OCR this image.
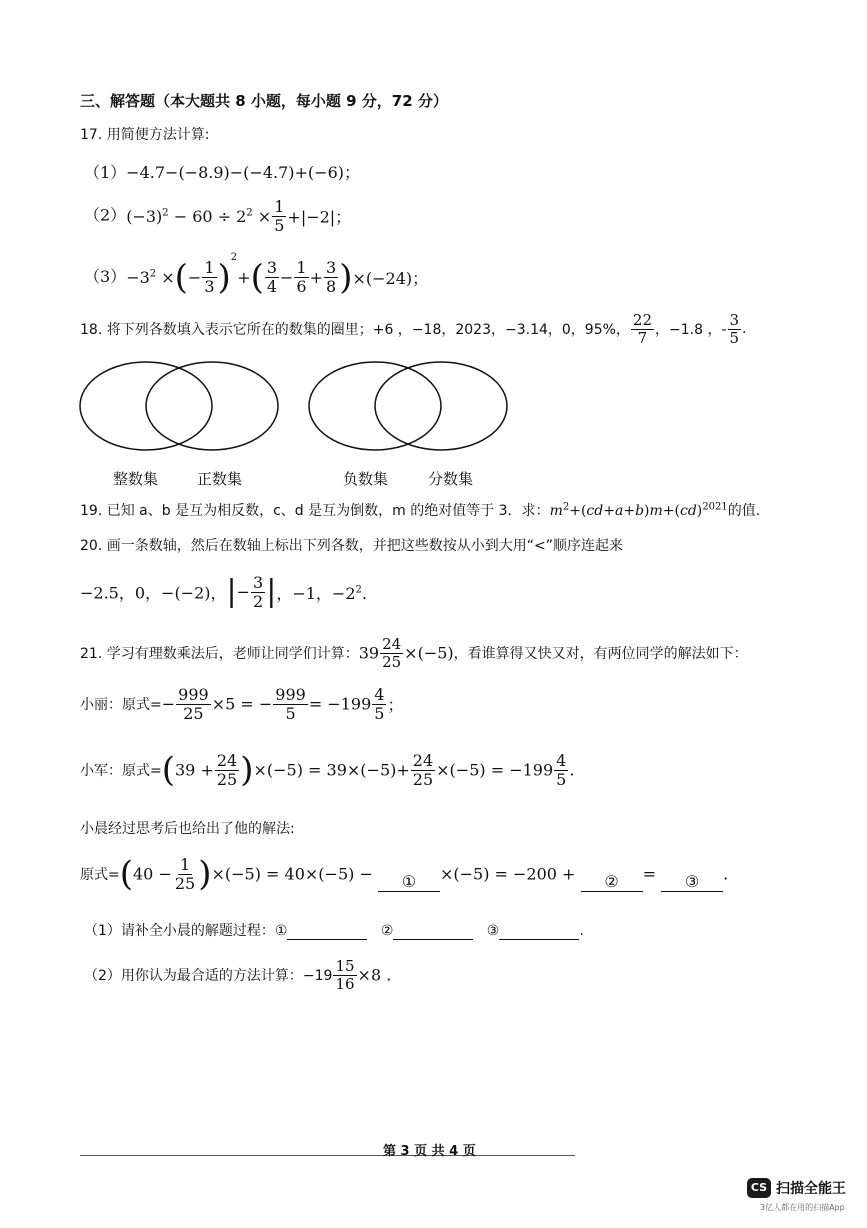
三、解答题（本大题共 8 小题，每小题 9 分，72 分）
17. 用简便方法计算:
（1）−4.7−(−8.9)−(−4.7)+(−6)；
$(2)(-3)^2 - 60 \div 2^2 \times \frac{1}{5} +|-2|$；
$(3)-3^2$ ×(− $\frac{1}{3} )^2+( \frac{3}{4} - \frac{1}{6} + \frac{3}{8} )\times(-24)$；
18. 将下列各数填入表示它所在的数集的圈里；+6 ，−18，2023，−3.14，0，95%， $\frac{22}{7}$ ，−1.8 ，- $\frac{3}{5}$ .
整数集	正数集	负数集	分数集
19. 已知 a、b 是互为相反数，c、d 是互为倒数，m 的绝对值等于 3．求：$m^2+(cd+a+b)m+(cd)^{2021}$的值.
20. 画一条数轴，然后在数轴上标出下列各数，并把这些数按从小到大用“<”顺序连起来
−2.5，0，−(−2)，|− $\frac{3}{2}$ |，−1，$-2^2$.
21. 学习有理数乘法后，老师让同学们计算：$39 \frac{24}{25} \times(-5)$，看谁算得又快又对，有两位同学的解法如下：
小丽：原式=− $\frac{999}{25} \times 5$ = − $\frac{999}{5} = -199 \frac{4}{5}$ ；
小军：原式$=(39 + \frac{24}{25} )\times(-5) = 39\times(-5)+ \frac{24}{25} \times(-5) = -199 \frac{4}{5}$ .
小晨经过思考后也给出了他的解法:
原式$=(40 - \frac{1}{25} )\times(-5) = 40\times(-5)$ − ① ×(−5) = −200 + ② = ③ .
（1）请补全小晨的解题过程：①	②	③	.
（2）用你认为最合适的方法计算：$-19 \frac{15}{16} \times 8$ .
第 3 页 共 4 页
CS 扫描全能王
3亿人都在用的扫描App
